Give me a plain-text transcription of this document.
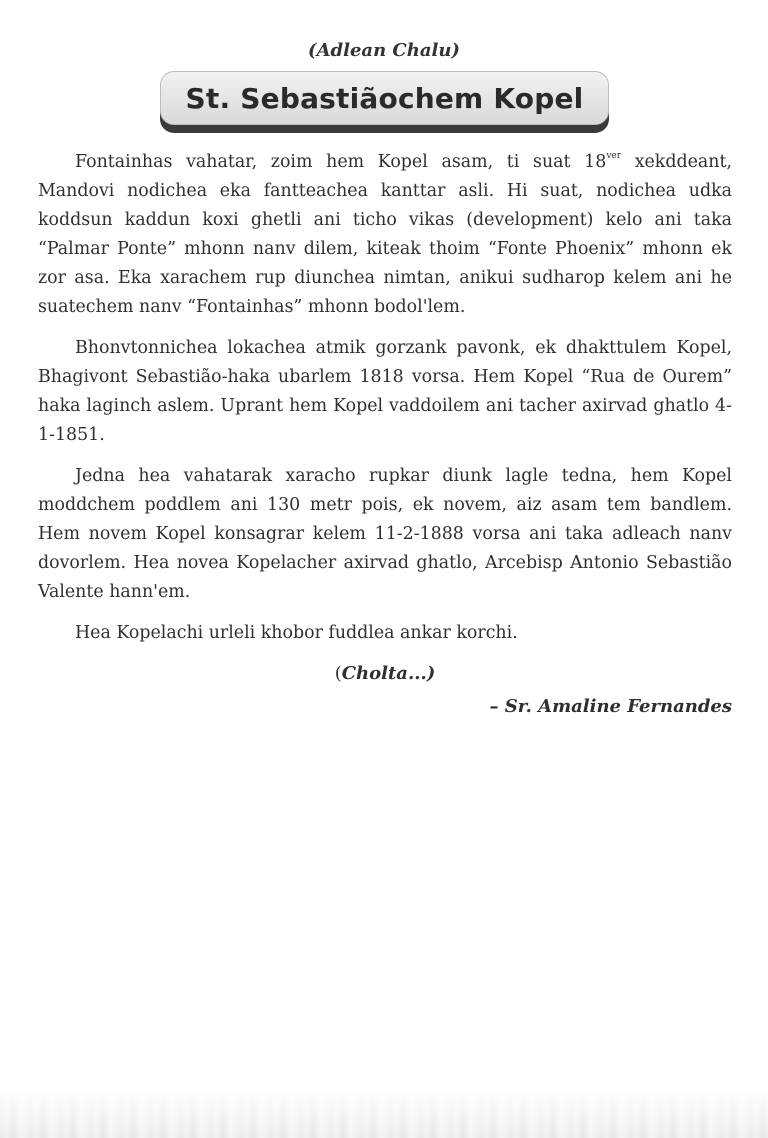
(Adlean Chalu)
St. Sebastiãochem Kopel

Fontainhas vahatar, zoim hem Kopel asam, ti suat $18^{ver}$ xekddeant, Mandovi nodichea eka fantteachea kanttar asli. Hi suat, nodichea udka koddsun kaddun koxi ghetli ani ticho vikas (development) kelo ani taka “Palmar Ponte” mhonn nanv dilem, kiteak thoim “Fonte Phoenix” mhonn ek zor asa. Eka xarachem rup diunchea nimtan, anikui sudharop kelem ani he suatechem nanv “Fontainhas” mhonn bodol'lem.

Bhonvtonnichea lokachea atmik gorzank pavonk, ek dhakttulem Kopel, Bhagivont Sebastião-haka ubarlem 1818 vorsa. Hem Kopel “Rua de Ourem” haka laginch aslem. Uprant hem Kopel vaddoilem ani tacher axirvad ghatlo 4-1-1851.

Jedna hea vahatarak xaracho rupkar diunk lagle tedna, hem Kopel moddchem poddlem ani 130 metr pois, ek novem, aiz asam tem bandlem. Hem novem Kopel konsagrar kelem 11-2-1888 vorsa ani taka adleach nanv dovorlem. Hea novea Kopelacher axirvad ghatlo, Arcebisp Antonio Sebastião Valente hann'em.

Hea Kopelachi urleli khobor fuddlea ankar korchi.

(Cholta...)

– Sr. Amaline Fernandes
